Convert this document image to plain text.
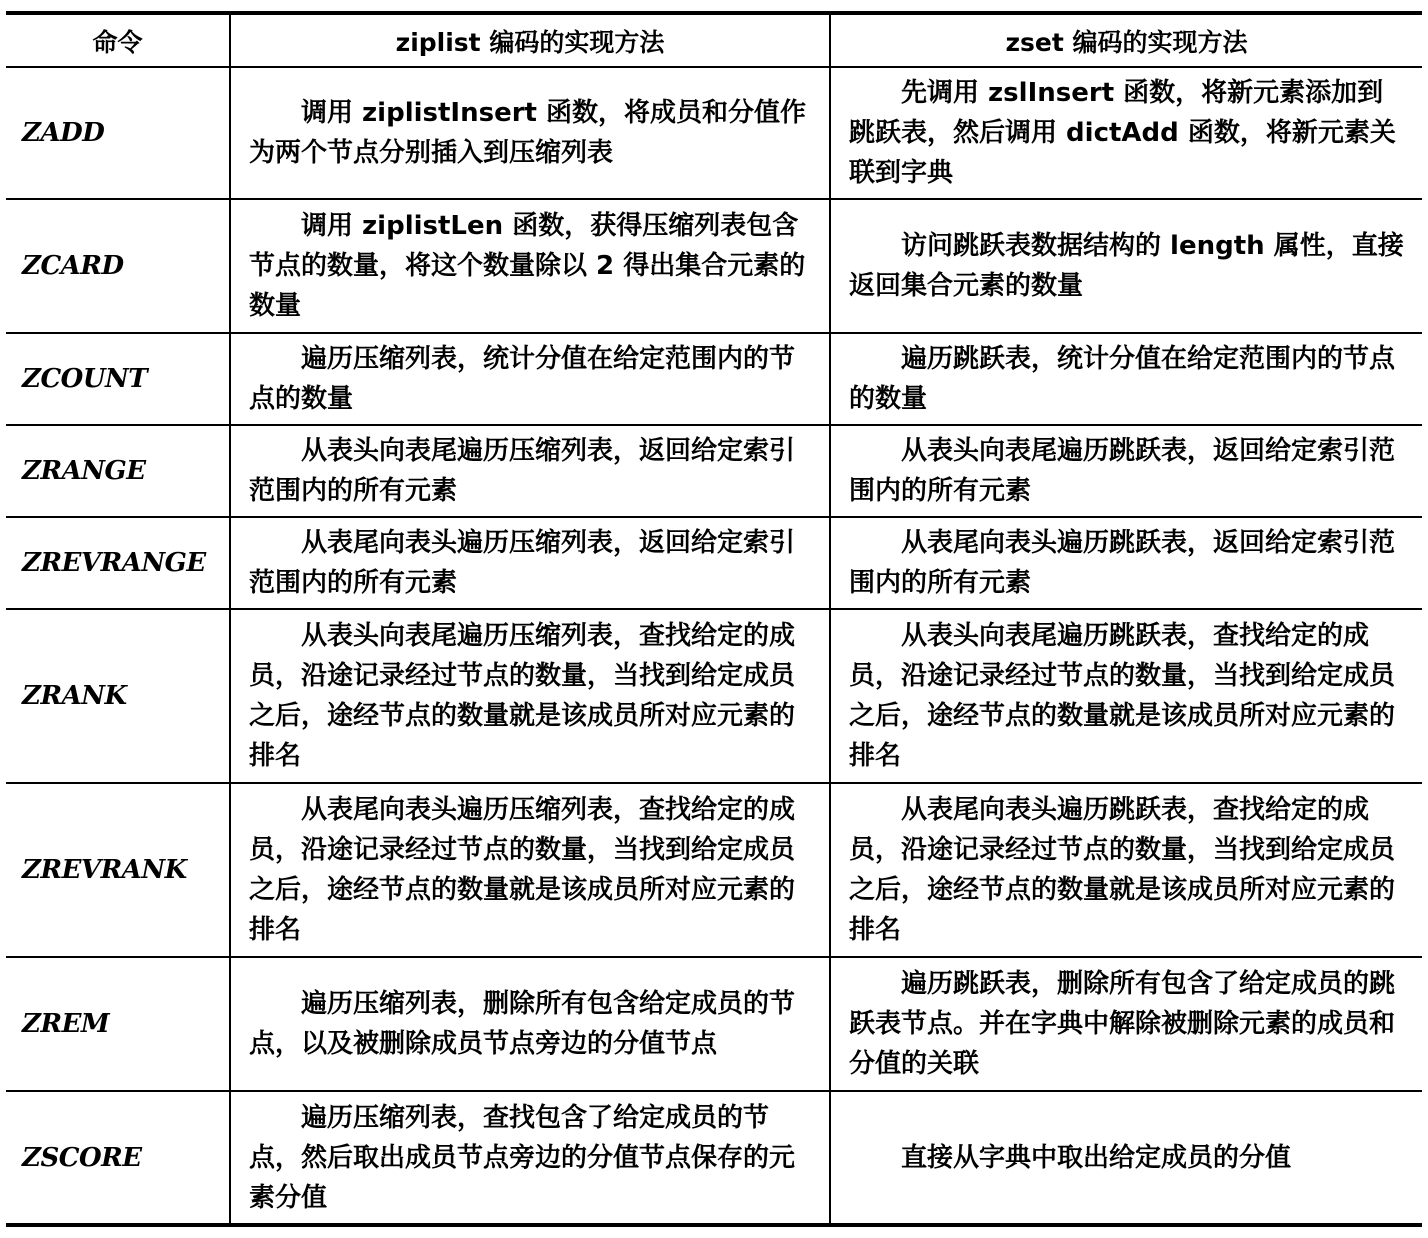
命令	ziplist 编码的实现方法	zset 编码的实现方法
ZADD	调用 ziplistInsert 函数，将成员和分值作为两个节点分别插入到压缩列表	先调用 zslInsert 函数，将新元素添加到跳跃表，然后调用 dictAdd 函数，将新元素关联到字典

ZCARD	调用 ziplistLen 函数，获得压缩列表包含节点的数量，将这个数量除以 2 得出集合元素的数量	访问跳跃表数据结构的 length 属性，直接返回集合元素的数量

ZCOUNT	遍历压缩列表，统计分值在给定范围内的节点的数量	遍历跳跃表，统计分值在给定范围内的节点的数量

ZRANGE	从表头向表尾遍历压缩列表，返回给定索引范围内的所有元素	从表头向表尾遍历跳跃表，返回给定索引范围内的所有元素

ZREVRANGE	从表尾向表头遍历压缩列表，返回给定索引范围内的所有元素	从表尾向表头遍历跳跃表，返回给定索引范围内的所有元素

ZRANK	从表头向表尾遍历压缩列表，查找给定的成员，沿途记录经过节点的数量，当找到给定成员之后，途经节点的数量就是该成员所对应元素的排名	从表头向表尾遍历跳跃表，查找给定的成员，沿途记录经过节点的数量，当找到给定成员之后，途经节点的数量就是该成员所对应元素的排名

ZREVRANK	从表尾向表头遍历压缩列表，查找给定的成员，沿途记录经过节点的数量，当找到给定成员之后，途经节点的数量就是该成员所对应元素的排名	从表尾向表头遍历跳跃表，查找给定的成员，沿途记录经过节点的数量，当找到给定成员之后，途经节点的数量就是该成员所对应元素的排名

ZREM	遍历压缩列表，删除所有包含给定成员的节点，以及被删除成员节点旁边的分值节点	遍历跳跃表，删除所有包含了给定成员的跳跃表节点。并在字典中解除被删除元素的成员和分值的关联

ZSCORE	遍历压缩列表，查找包含了给定成员的节点，然后取出成员节点旁边的分值节点保存的元素分值	直接从字典中取出给定成员的分值
